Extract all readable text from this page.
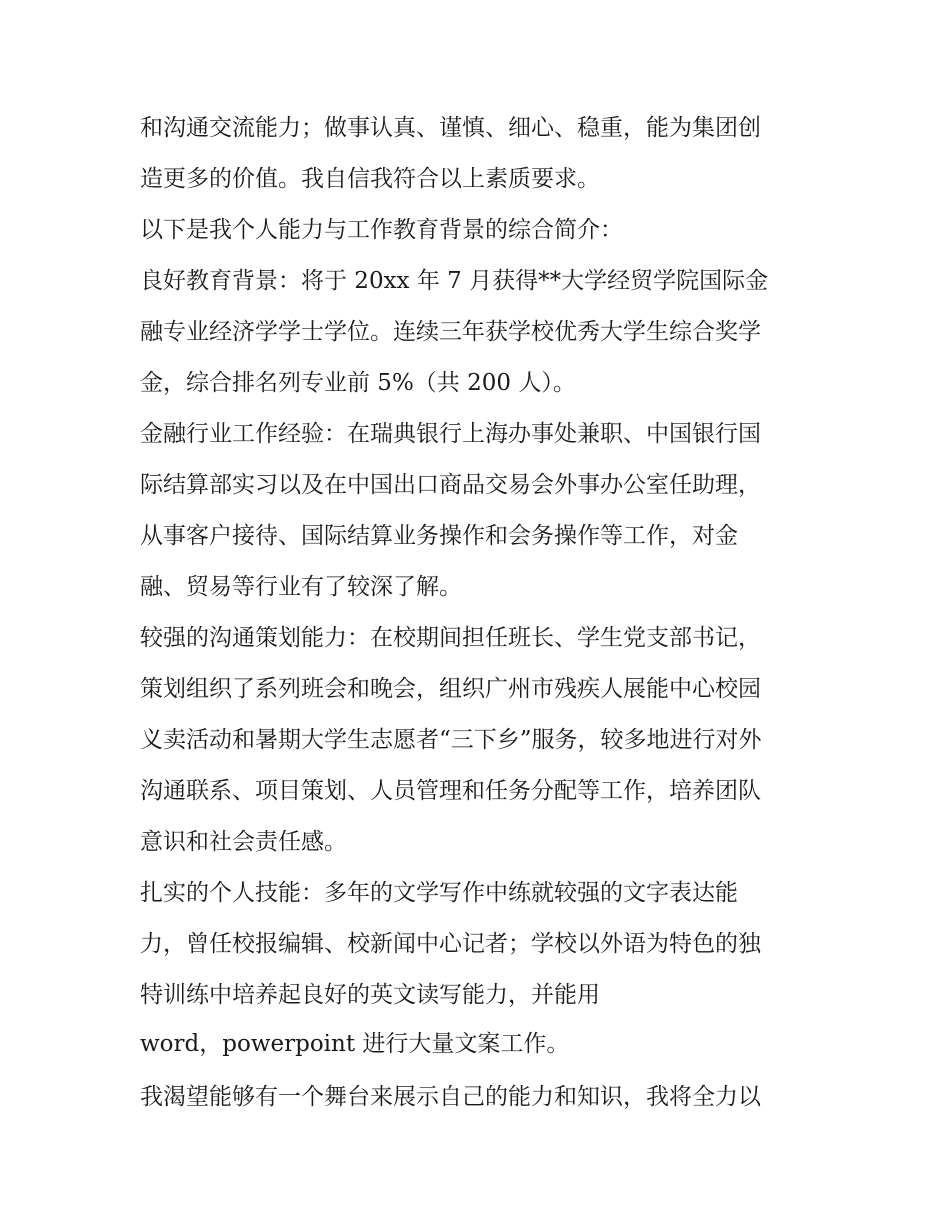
和沟通交流能力；做事认真、谨慎、细心、稳重，能为集团创
造更多的价值。我自信我符合以上素质要求。
以下是我个人能力与工作教育背景的综合简介：
良好教育背景：将于 20xx 年 7 月获得**大学经贸学院国际金
融专业经济学学士学位。连续三年获学校优秀大学生综合奖学
金，综合排名列专业前 5%（共 200 人）。
金融行业工作经验：在瑞典银行上海办事处兼职、中国银行国
际结算部实习以及在中国出口商品交易会外事办公室任助理，
从事客户接待、国际结算业务操作和会务操作等工作，对金
融、贸易等行业有了较深了解。
较强的沟通策划能力：在校期间担任班长、学生党支部书记，
策划组织了系列班会和晚会，组织广州市残疾人展能中心校园
义卖活动和暑期大学生志愿者“三下乡”服务，较多地进行对外
沟通联系、项目策划、人员管理和任务分配等工作，培养团队
意识和社会责任感。
扎实的个人技能：多年的文学写作中练就较强的文字表达能
力，曾任校报编辑、校新闻中心记者；学校以外语为特色的独
特训练中培养起良好的英文读写能力，并能用
word，powerpoint 进行大量文案工作。
我渴望能够有一个舞台来展示自己的能力和知识，我将全力以
